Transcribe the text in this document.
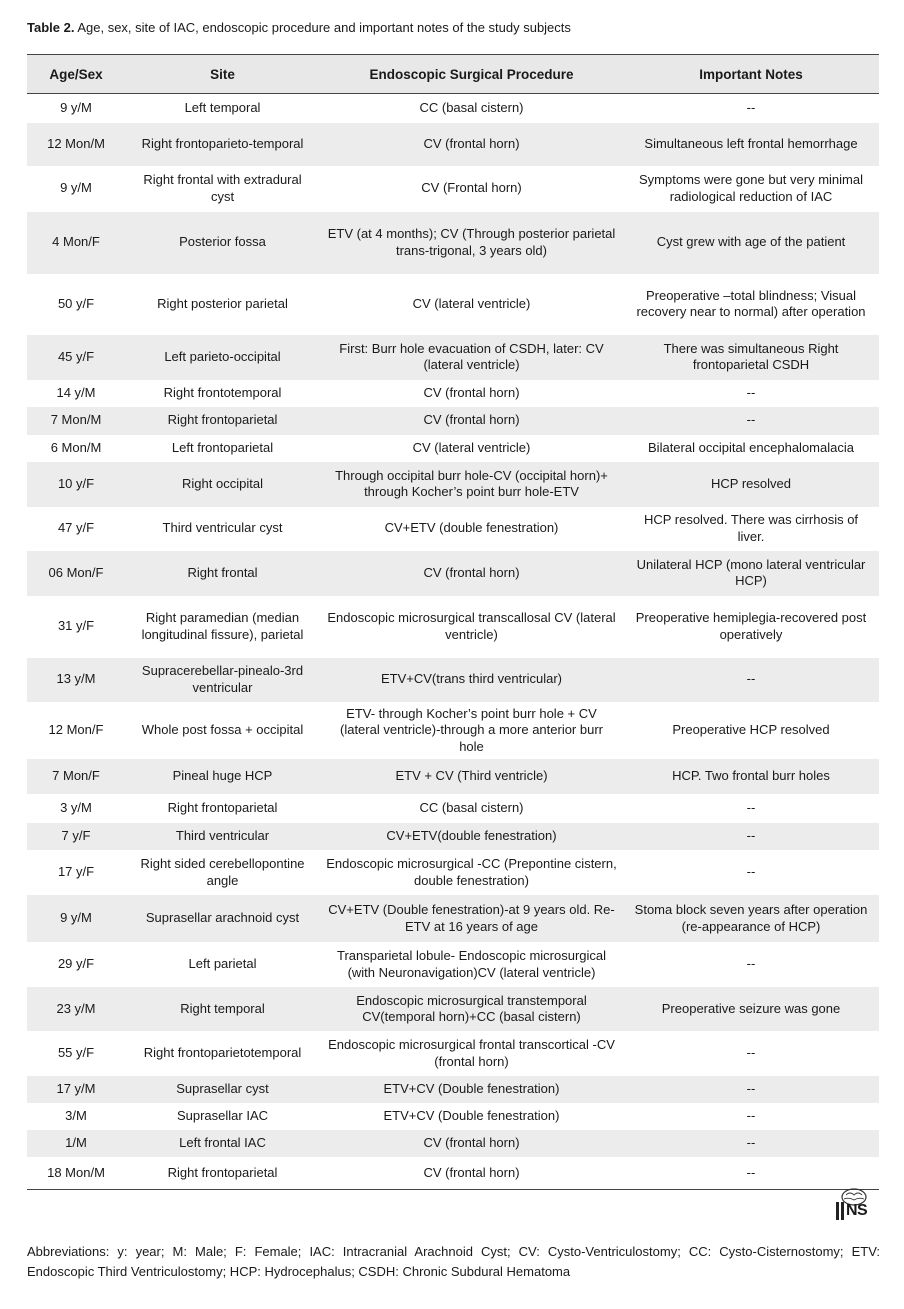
Table 2. Age, sex, site of IAC, endoscopic procedure and important notes of the study subjects
Age/Sex	Site	Endoscopic Surgical Procedure	Important Notes
9 y/M	Left temporal	CC (basal cistern)	--
12 Mon/M	Right frontoparieto-temporal	CV (frontal horn)	Simultaneous left frontal hemorrhage
9 y/M	Right frontal with extradural cyst	CV (Frontal horn)	Symptoms were gone but very minimal radiological reduction of IAC
4 Mon/F	Posterior fossa	ETV (at 4 months); CV (Through posterior parietal trans-trigonal, 3 years old)	Cyst grew with age of the patient
50 y/F	Right posterior parietal	CV (lateral ventricle)	Preoperative –total blindness; Visual recovery near to normal) after operation
45 y/F	Left parieto-occipital	First: Burr hole evacuation of CSDH, later: CV (lateral ventricle)	There was simultaneous Right frontoparietal CSDH
14 y/M	Right frontotemporal	CV (frontal horn)	--
7 Mon/M	Right frontoparietal	CV (frontal horn)	--
6 Mon/M	Left frontoparietal	CV (lateral ventricle)	Bilateral occipital encephalomalacia
10 y/F	Right occipital	Through occipital burr hole-CV (occipital horn)+ through Kocher’s point burr hole-ETV	HCP resolved
47 y/F	Third ventricular cyst	CV+ETV (double fenestration)	HCP resolved. There was cirrhosis of liver.
06 Mon/F	Right frontal	CV (frontal horn)	Unilateral HCP (mono lateral ventricular HCP)
31 y/F	Right paramedian (median longitudinal fissure), parietal	Endoscopic microsurgical transcallosal CV (lateral ventricle)	Preoperative hemiplegia-recovered post operatively
13 y/M	Supracerebellar-pinealo-3rd ventricular	ETV+CV(trans third ventricular)	--
12 Mon/F	Whole post fossa + occipital	ETV- through Kocher’s point burr hole + CV (lateral ventricle)-through a more anterior burr hole	Preoperative HCP resolved
7 Mon/F	Pineal huge HCP	ETV + CV (Third ventricle)	HCP. Two frontal burr holes
3 y/M	Right frontoparietal	CC (basal cistern)	--
7 y/F	Third ventricular	CV+ETV(double fenestration)	--
17 y/F	Right sided cerebellopontine angle	Endoscopic microsurgical -CC (Prepontine cistern, double fenestration)	--
9 y/M	Suprasellar arachnoid cyst	CV+ETV (Double fenestration)-at 9 years old. Re-ETV at 16 years of age	Stoma block seven years after operation (re-appearance of HCP)
29 y/F	Left parietal	Transparietal lobule- Endoscopic microsurgical (with Neuronavigation)CV (lateral ventricle)	--
23 y/M	Right temporal	Endoscopic microsurgical transtemporal CV(temporal horn)+CC (basal cistern)	Preoperative seizure was gone
55 y/F	Right frontoparietotemporal	Endoscopic microsurgical frontal transcortical -CV (frontal horn)	--
17 y/M	Suprasellar cyst	ETV+CV (Double fenestration)	--
3/M	Suprasellar IAC	ETV+CV (Double fenestration)	--
1/M	Left frontal IAC	CV (frontal horn)	--
18 Mon/M	Right frontoparietal	CV (frontal horn)	--
NS
Abbreviations: y: year; M: Male; F: Female; IAC: Intracranial Arachnoid Cyst; CV: Cysto-Ventriculostomy; CC: Cysto-Cisternostomy; ETV: Endoscopic Third Ventriculostomy; HCP: Hydrocephalus; CSDH: Chronic Subdural Hematoma
